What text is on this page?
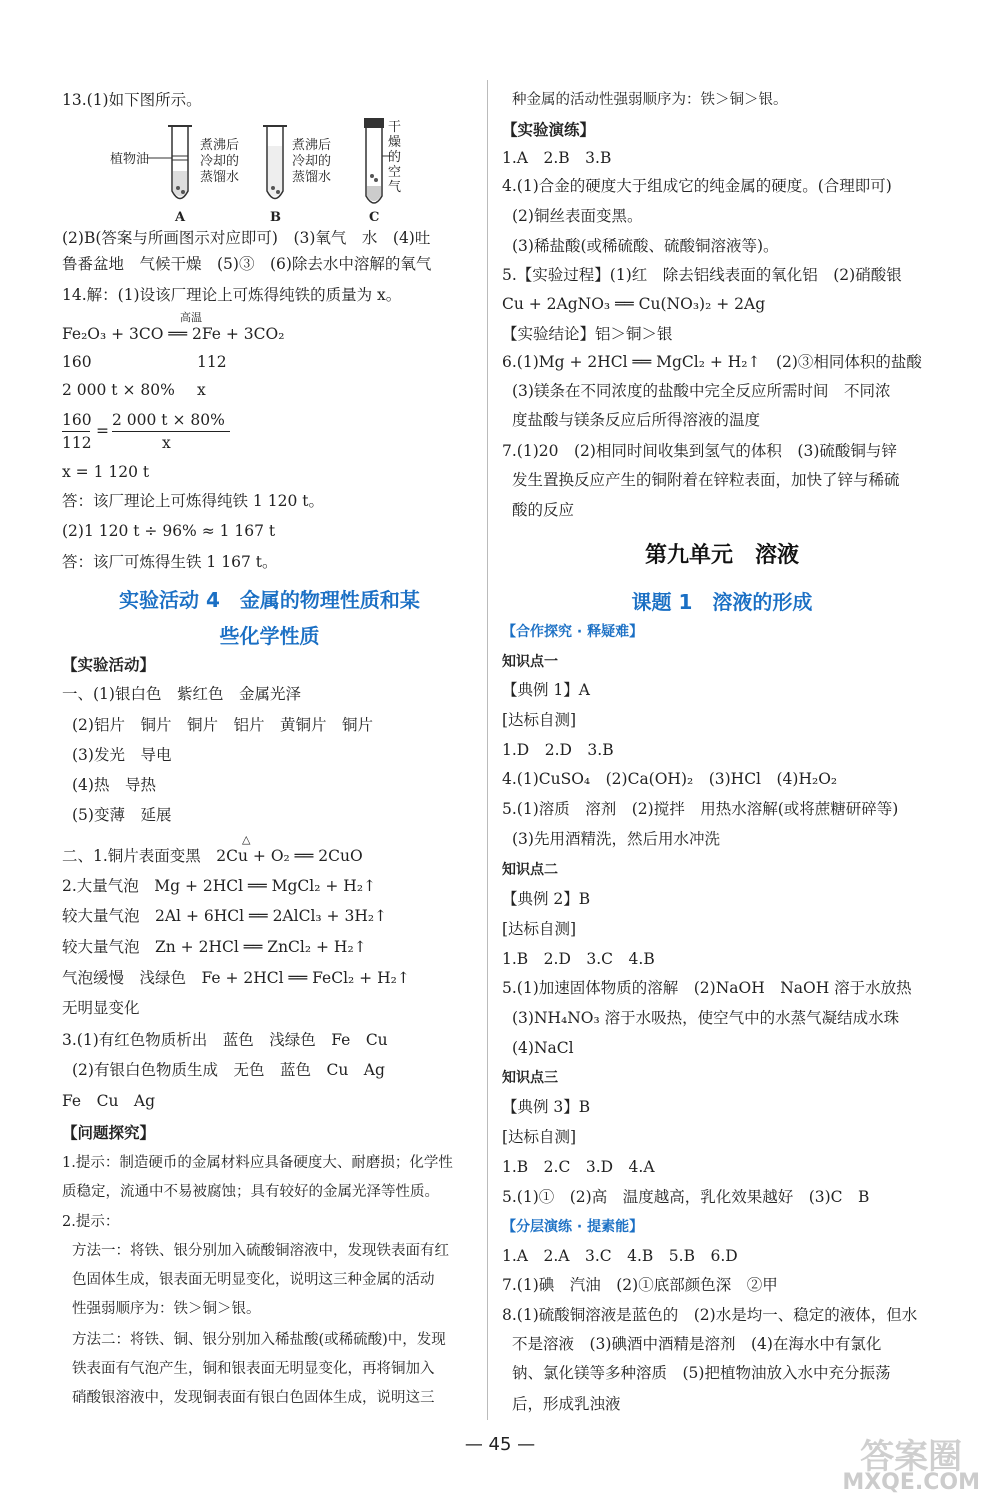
13.(1)如下图所示。
植物油
煮沸后
冷却的
蒸馏水
煮沸后
冷却的
蒸馏水
干
燥
的
空
气
A	B	C
(2)B(答案与所画图示对应即可)　(3)氧气　水　(4)吐
鲁番盆地　气候干燥　(5)③　(6)除去水中溶解的氧气
14.解：(1)设该厂理论上可炼得纯铁的质量为 x。
高温
Fe₂O₃ + 3CO ══ 2Fe + 3CO₂
160	112
2 000 t × 80% x
160
112
=
2 000 t × 80%
x
x = 1 120 t
答：该厂理论上可炼得纯铁 1 120 t。
(2)1 120 t ÷ 96% ≈ 1 167 t
答：该厂可炼得生铁 1 167 t。
实验活动 4　金属的物理性质和某
些化学性质
【实验活动】
一、(1)银白色　紫红色　金属光泽
(2)铝片　铜片　铜片　铝片　黄铜片　铜片
(3)发光　导电
(4)热　导热
(5)变薄　延展
△
二、1.铜片表面变黑　2Cu + O₂ ══ 2CuO
2.大量气泡　Mg + 2HCl ══ MgCl₂ + H₂↑
较大量气泡　2Al + 6HCl ══ 2AlCl₃ + 3H₂↑
较大量气泡　Zn + 2HCl ══ ZnCl₂ + H₂↑
气泡缓慢　浅绿色　Fe + 2HCl ══ FeCl₂ + H₂↑
无明显变化
3.(1)有红色物质析出　蓝色　浅绿色　Fe　Cu
(2)有银白色物质生成　无色　蓝色　Cu　Ag
Fe　Cu　Ag
【问题探究】
1.提示：制造硬币的金属材料应具备硬度大、耐磨损；化学性
质稳定，流通中不易被腐蚀；具有较好的金属光泽等性质。
2.提示：
方法一：将铁、银分别加入硫酸铜溶液中，发现铁表面有红
色固体生成，银表面无明显变化，说明这三种金属的活动
性强弱顺序为：铁＞铜＞银。
方法二：将铁、铜、银分别加入稀盐酸(或稀硫酸)中，发现
铁表面有气泡产生，铜和银表面无明显变化，再将铜加入
硝酸银溶液中，发现铜表面有银白色固体生成，说明这三
种金属的活动性强弱顺序为：铁＞铜＞银。
【实验演练】
1.A　2.B　3.B
4.(1)合金的硬度大于组成它的纯金属的硬度。(合理即可)
(2)铜丝表面变黑。
(3)稀盐酸(或稀硫酸、硫酸铜溶液等)。
5.【实验过程】(1)红　除去铝线表面的氧化铝　(2)硝酸银
Cu + 2AgNO₃ ══ Cu(NO₃)₂ + 2Ag
【实验结论】铝＞铜＞银
6.(1)Mg + 2HCl ══ MgCl₂ + H₂↑　(2)③相同体积的盐酸
(3)镁条在不同浓度的盐酸中完全反应所需时间　不同浓
度盐酸与镁条反应后所得溶液的温度
7.(1)20　(2)相同时间收集到氢气的体积　(3)硫酸铜与锌
发生置换反应产生的铜附着在锌粒表面，加快了锌与稀硫
酸的反应
第九单元　溶液
课题 1　溶液的形成
【合作探究 · 释疑难】
知识点一
【典例 1】A
[达标自测]
1.D　2.D　3.B
4.(1)CuSO₄　(2)Ca(OH)₂　(3)HCl　(4)H₂O₂
5.(1)溶质　溶剂　(2)搅拌　用热水溶解(或将蔗糖研碎等)
(3)先用酒精洗，然后用水冲洗
知识点二
【典例 2】B
[达标自测]
1.B　2.D　3.C　4.B
5.(1)加速固体物质的溶解　(2)NaOH　NaOH 溶于水放热
(3)NH₄NO₃ 溶于水吸热，使空气中的水蒸气凝结成水珠
(4)NaCl
知识点三
【典例 3】B
[达标自测]
1.B　2.C　3.D　4.A
5.(1)①　(2)高　温度越高，乳化效果越好　(3)C　B
【分层演练 · 提素能】
1.A　2.A　3.C　4.B　5.B　6.D
7.(1)碘　汽油　(2)①底部颜色深　②甲
8.(1)硫酸铜溶液是蓝色的　(2)水是均一、稳定的液体，但水
不是溶液　(3)碘酒中酒精是溶剂　(4)在海水中有氯化
钠、氯化镁等多种溶质　(5)把植物油放入水中充分振荡
后，形成乳浊液
— 45 —	答案圈
MXQE.COM
